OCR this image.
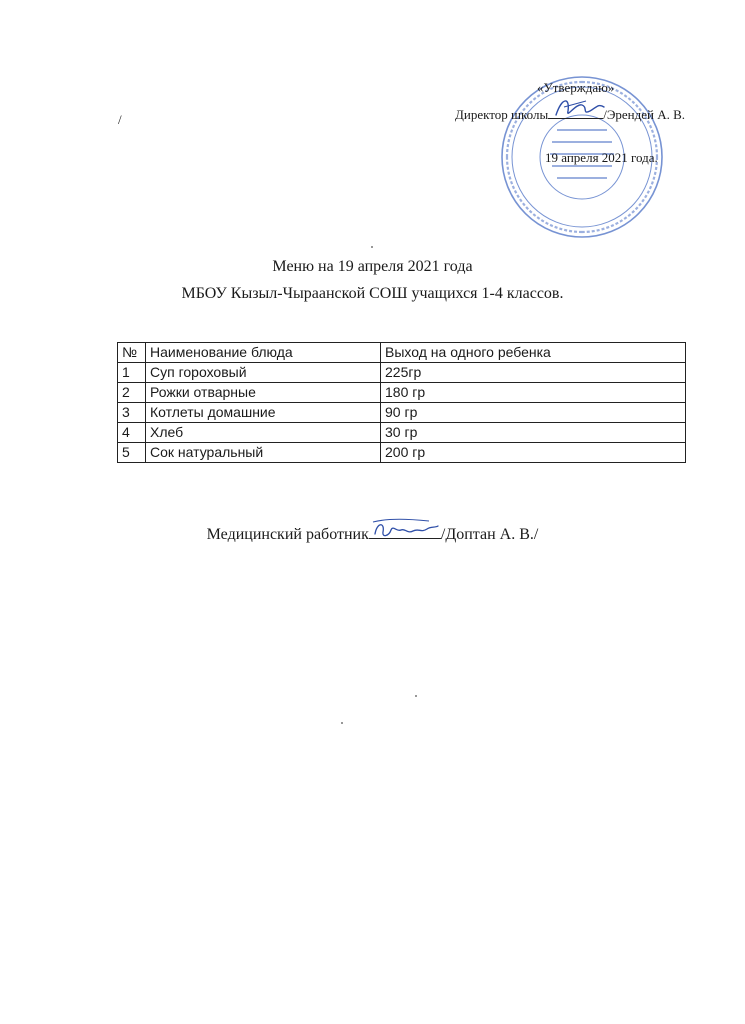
/
«Утверждаю»
Директор школы	/Эрендей А. В.
19 апреля 2021 года.
Меню на 19 апреля 2021 года
МБОУ Кызыл-Чыраанской СОШ учащихся 1-4 классов.
№	Наименование блюда	Выход на одного ребенка
1	Суп гороховый	225гр
2	Рожки отварные	180 гр
3	Котлеты домашние	90 гр
4	Хлеб	30 гр
5	Сок натуральный	200 гр
Медицинский работник	/Доптан А. В./
